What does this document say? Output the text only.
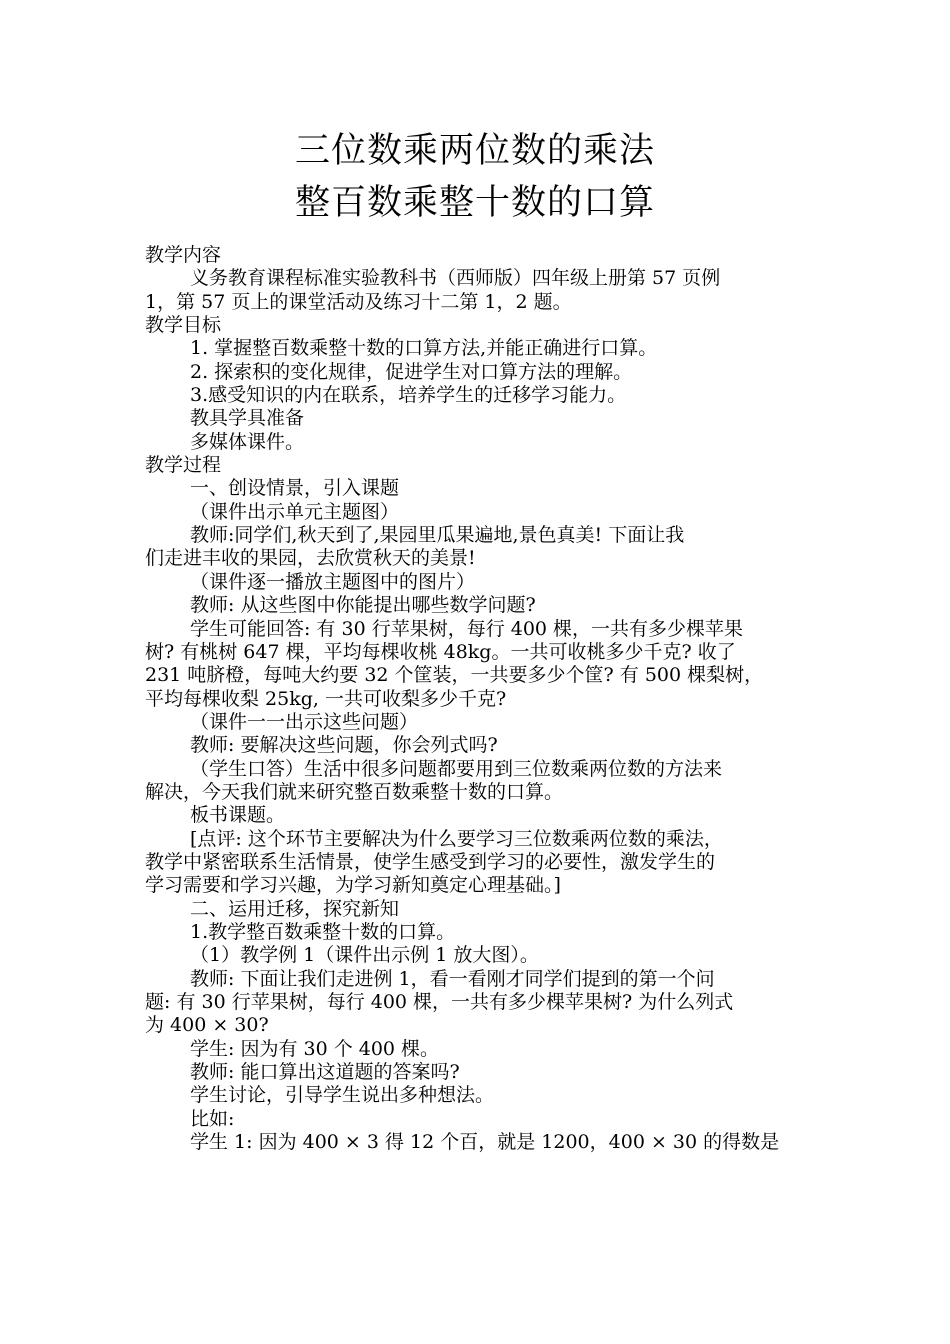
三位数乘两位数的乘法
整百数乘整十数的口算

教学内容

义务教育课程标准实验教科书（西师版）四年级上册第 57 页例

1，第 57 页上的课堂活动及练习十二第 1，2 题。

教学目标

1. 掌握整百数乘整十数的口算方法,并能正确进行口算。

2. 探索积的变化规律，促进学生对口算方法的理解。

3.感受知识的内在联系，培养学生的迁移学习能力。

教具学具准备

多媒体课件。

教学过程

一、创设情景，引入课题

（课件出示单元主题图）

教师:同学们,秋天到了,果园里瓜果遍地,景色真美! 下面让我

们走进丰收的果园，去欣赏秋天的美景!

（课件逐一播放主题图中的图片）

教师: 从这些图中你能提出哪些数学问题?

学生可能回答: 有 30 行苹果树，每行 400 棵，一共有多少棵苹果

树? 有桃树 647 棵，平均每棵收桃 48kg。一共可收桃多少千克? 收了

231 吨脐橙，每吨大约要 32 个筐装，一共要多少个筐? 有 500 棵梨树，

平均每棵收梨 25kg, 一共可收梨多少千克?

（课件一一出示这些问题）

教师: 要解决这些问题，你会列式吗?

（学生口答）生活中很多问题都要用到三位数乘两位数的方法来

解决，今天我们就来研究整百数乘整十数的口算。

板书课题。

[点评: 这个环节主要解决为什么要学习三位数乘两位数的乘法，

教学中紧密联系生活情景，使学生感受到学习的必要性，激发学生的

学习需要和学习兴趣，为学习新知奠定心理基础。]

二、运用迁移，探究新知

1.教学整百数乘整十数的口算。

（1）教学例 1（课件出示例 1 放大图）。

教师: 下面让我们走进例 1，看一看刚才同学们提到的第一个问

题: 有 30 行苹果树，每行 400 棵，一共有多少棵苹果树? 为什么列式

为 400 × 30?

学生: 因为有 30 个 400 棵。

教师: 能口算出这道题的答案吗?

学生讨论，引导学生说出多种想法。

比如:

学生 1: 因为 400 × 3 得 12 个百，就是 1200，400 × 30 的得数是
